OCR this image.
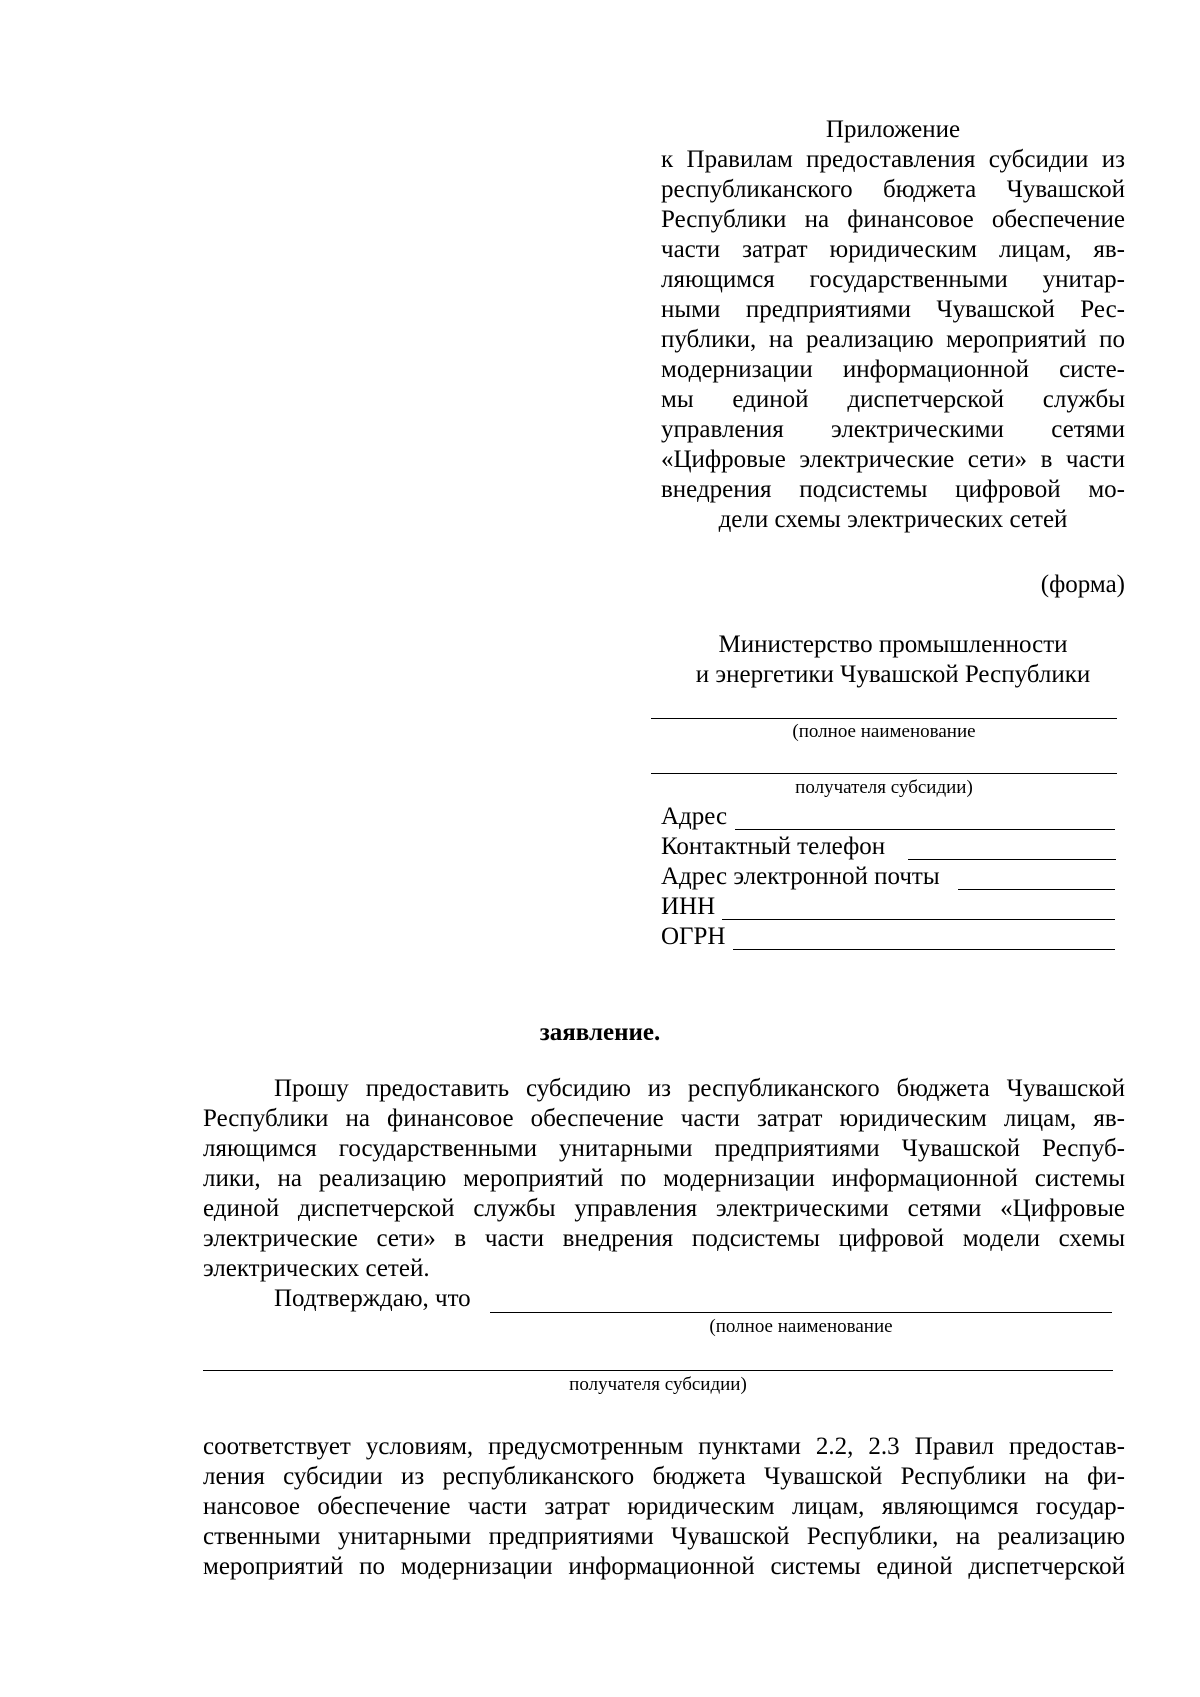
Приложение
к Правилам предоставления субсидии из
республиканского бюджета Чувашской
Республики на финансовое обеспечение
части затрат юридическим лицам, яв-
ляющимся государственными унитар-
ными предприятиями Чувашской Рес-
публики, на реализацию мероприятий по
модернизации информационной систе-
мы единой диспетчерской службы
управления электрическими сетями
«Цифровые электрические сети» в части
внедрения подсистемы цифровой мо-
дели схемы электрических сетей
(форма)
Министерство промышленности
и энергетики Чувашской Республики
(полное наименование
получателя субсидии)
Адрес
Контактный телефон
Адрес электронной почты
ИНН
ОГРН
заявление.
Прошу предоставить субсидию из республиканского бюджета Чувашской
Республики на финансовое обеспечение части затрат юридическим лицам, яв-
ляющимся государственными унитарными предприятиями Чувашской Респуб-
лики, на реализацию мероприятий по модернизации информационной системы
единой диспетчерской службы управления электрическими сетями «Цифровые
электрические сети» в части внедрения подсистемы цифровой модели схемы
электрических сетей.
Подтверждаю, что
(полное наименование
получателя субсидии)
соответствует условиям, предусмотренным пунктами 2.2, 2.3 Правил предостав-
ления субсидии из республиканского бюджета Чувашской Республики на фи-
нансовое обеспечение части затрат юридическим лицам, являющимся государ-
ственными унитарными предприятиями Чувашской Республики, на реализацию
мероприятий по модернизации информационной системы единой диспетчерской
